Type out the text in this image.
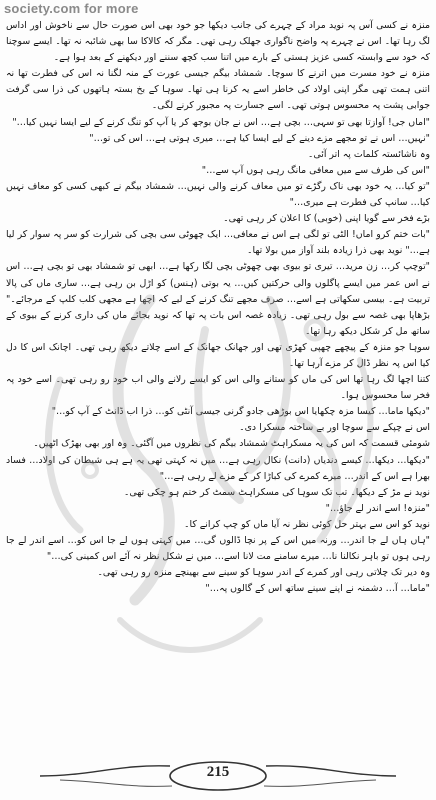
society.com for more

منزہ نے کسی آس پہ نوید مراد کے چہرے کی جانب دیکھا جو خود بھی اس صورت حال سے ناخوش اور اداس لگ رہا تھا۔ اس نے چہرے پہ واضح ناگواری جھلک رہی تھی۔ مگر کہ کالاکا سا بھی شائبہ نہ تھا۔ ایسے سوچنا کہ خود سے وابستہ کسی عزیز ہستی کے بارے میں اتنا سب کچھ سننے اور دیکھنے کے بعد ہوا ہے۔

منزہ نے خود مسرت میں اترنے کا سوچا۔ شمشاد بیگم جیسی عورت کے منہ لگنا نہ اس کی فطرت تھا نہ اتنی ہمت تھی مگر اپنی اولاد کی خاطر اسے یہ کرنا ہی تھا۔ سوہا کے بخ بستہ ہاتھوں کی ذرا سی گرفت جوابی پشت پہ محسوس ہوتی تھی۔ اسے جسارت پہ مجبور کرنے لگی۔

"اماں جی! آوازتا بھی تو سہی… بچی ہے… اس نے جان بوجھ کر یا آپ کو تنگ کرنے کے لیے ایسا نہیں کیا…"

"نہیں… اس نے تو مجھے مزے دینے کے لیے ایسا کیا ہے… میری ہوتی ہے… اس کی تو…"

وہ ناشائستہ کلمات پہ اتر آئی۔

"اس کی طرف سے میں معافی مانگ رہی ہوں آپ سے…"

"تو کیا… یہ خود بھی ناک رگڑے تو میں معاف کرنے والی نہیں… شمشاد بیگم نے کبھی کسی کو معاف نہیں کیا… سانپ کی فطرت ہے میری…"

بڑے فخر سے گویا اپنی (خوبی) کا اعلان کر رہی تھی۔

"بات ختم کرو اماں! الٹی تو لگی ہے اس نے معافی… ایک چھوٹی سی بچی کی شرارت کو سر پہ سوار کر لیا ہے…" نوید بھی ذرا زیادہ بلند آواز میں بولا تھا۔

"توچپ کر… زن مرید… تیری تو بیوی بھی چھوٹی بچی لگا رکھا ہے… ابھی تو شمشاد بھی تو بچی ہے… اس نے اس عمر میں ایسے پاگلوں والی حرکتیں کیں… یہ بوتی (ہنس) کو اڑل بن رہی ہے… ساری ماں کی پالا تربیت ہے۔ بیسی سکھاتی ہے اسے… صرف مجھے تنگ کرنے کے لیے کہ اچھا ہے مجھی کلب کلپ کے مرجائے۔" بڑھاپا بھی غصہ سے بول رہی تھی۔ زیادہ غصہ اس بات پہ تھا کہ نوید بجائے ماں کی داری کرنے کے بیوی کے ساتھ مل کر شکل دیکھ رہا تھا۔

سوہا جو منزہ کے پیچھے چھپی کھڑی تھی اور جھانک جھانک کے اسے چلاتے دیکھ رہی تھی۔ اچانک اس کا دل کیا اس پہ نظر ڈال کر مزے آرہا تھا۔

کتنا اچھا لگ رہا تھا اس کی ماں کو ستانے والی اس کو ایسے رلانے والی اب خود رو رہی تھی۔ اسے خود پہ فخر سا محسوس ہوا۔

"دیکھا ماما… کیسا مزہ چکھایا اس بوڑھی جادو گرنی جیسی آنٹی کو… ذرا اب ڈانٹ کے آپ کو…"

اس نے چپکے سے سوچا اور بے ساختہ مسکرا دی۔

شومئی قسمت کہ اس کی یہ مسکراہٹ شمشاد بیگم کی نظروں میں آگئی۔ وہ اور بھی بھڑک اٹھیں۔

"دیکھا… دیکھا… کیسے دندیاں (دانت) نکال رہی ہے… میں نہ کہتی تھی یہ ہے ہی شیطان کی اولاد… فساد بھرا ہے اس کے اندر… میرے کمرے کی کباڑا کر کے مزے لے رہی ہے…"

نوید نے مڑ کے دیکھا۔ تب تک سوہا کی مسکراہٹ سمٹ کر ختم ہو چکی تھی۔

"منزہ! اسے اندر لے جاؤ…"

نوید کو اس سے بہتر حل کوئی نظر نہ آیا ماں کو چپ کرانے کا۔

"ہاں ہاں لے جا اندر… ورنہ میں اس کے پر نچا ڈالوں گی… میں کہتی ہوں لے جا اس کو… اسے اندر لے جا رہی ہوں تو باہر نکالنا نا… میرے سامنے مت لانا اسے… میں نے شکل نظر نہ آئے اس کمینی کی…"

وہ دیر تک چلاتی رہی اور کمرے کے اندر سوہا کو سینے سے بھینچے منزہ رو رہی تھی۔

"ماما… آ… دشمنہ نے اپنے سینے ساتھ اس کے گالوں پہ…"

215
